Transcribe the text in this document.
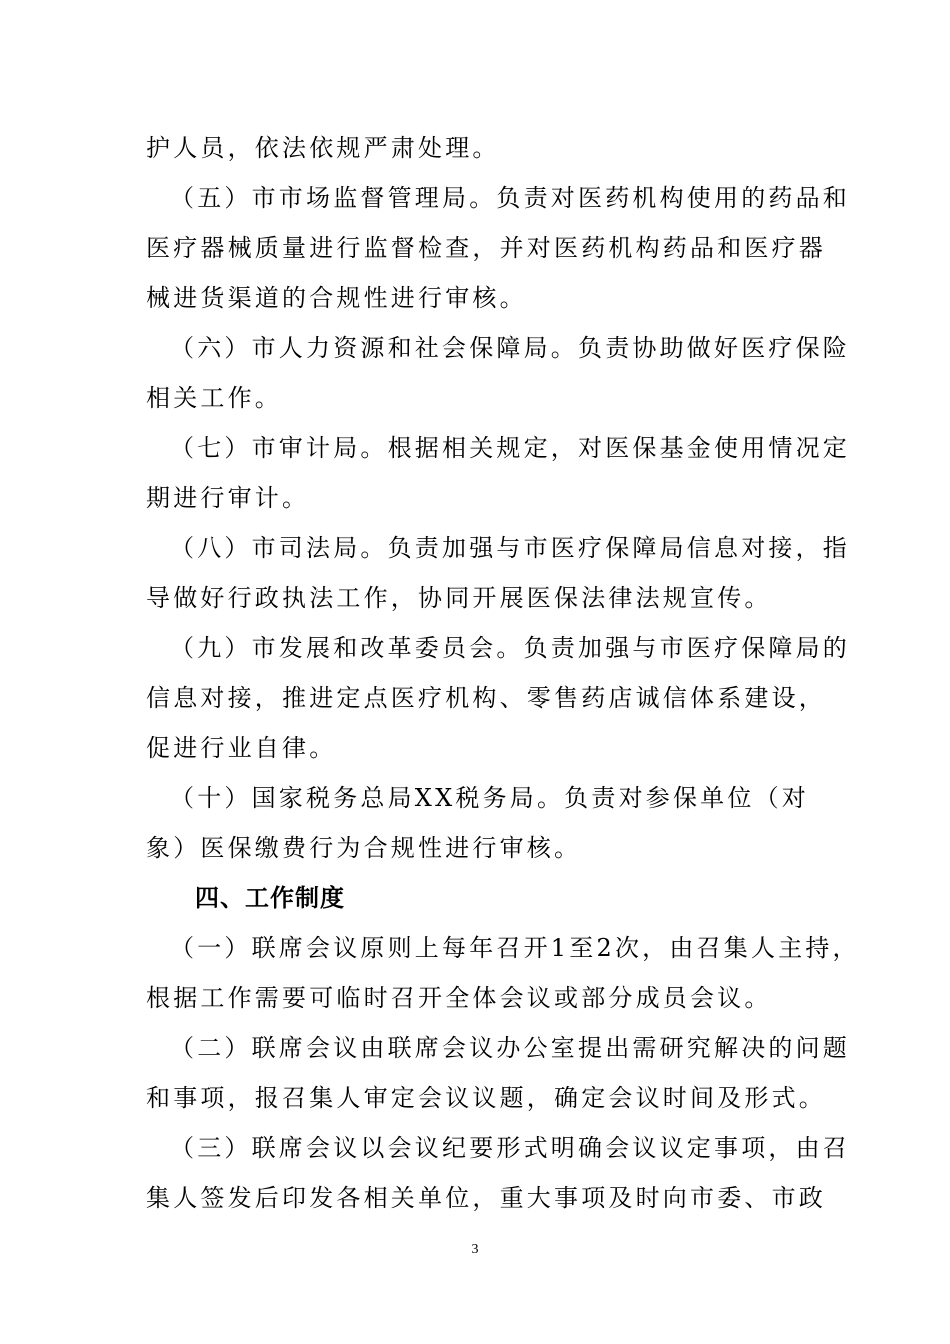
护人员，依法依规严肃处理。
（五）市市场监督管理局。负责对医药机构使用的药品和
医疗器械质量进行监督检查，并对医药机构药品和医疗器
械进货渠道的合规性进行审核。
（六）市人力资源和社会保障局。负责协助做好医疗保险
相关工作。
（七）市审计局。根据相关规定，对医保基金使用情况定
期进行审计。
（八）市司法局。负责加强与市医疗保障局信息对接，指
导做好行政执法工作，协同开展医保法律法规宣传。
（九）市发展和改革委员会。负责加强与市医疗保障局的
信息对接，推进定点医疗机构、零售药店诚信体系建设，
促进行业自律。
（十）国家税务总局XX税务局。负责对参保单位（对
象）医保缴费行为合规性进行审核。
四、工作制度
（一）联席会议原则上每年召开1至2次，由召集人主持，
根据工作需要可临时召开全体会议或部分成员会议。
（二）联席会议由联席会议办公室提出需研究解决的问题
和事项，报召集人审定会议议题，确定会议时间及形式。
（三）联席会议以会议纪要形式明确会议议定事项，由召
集人签发后印发各相关单位，重大事项及时向市委、市政
3
